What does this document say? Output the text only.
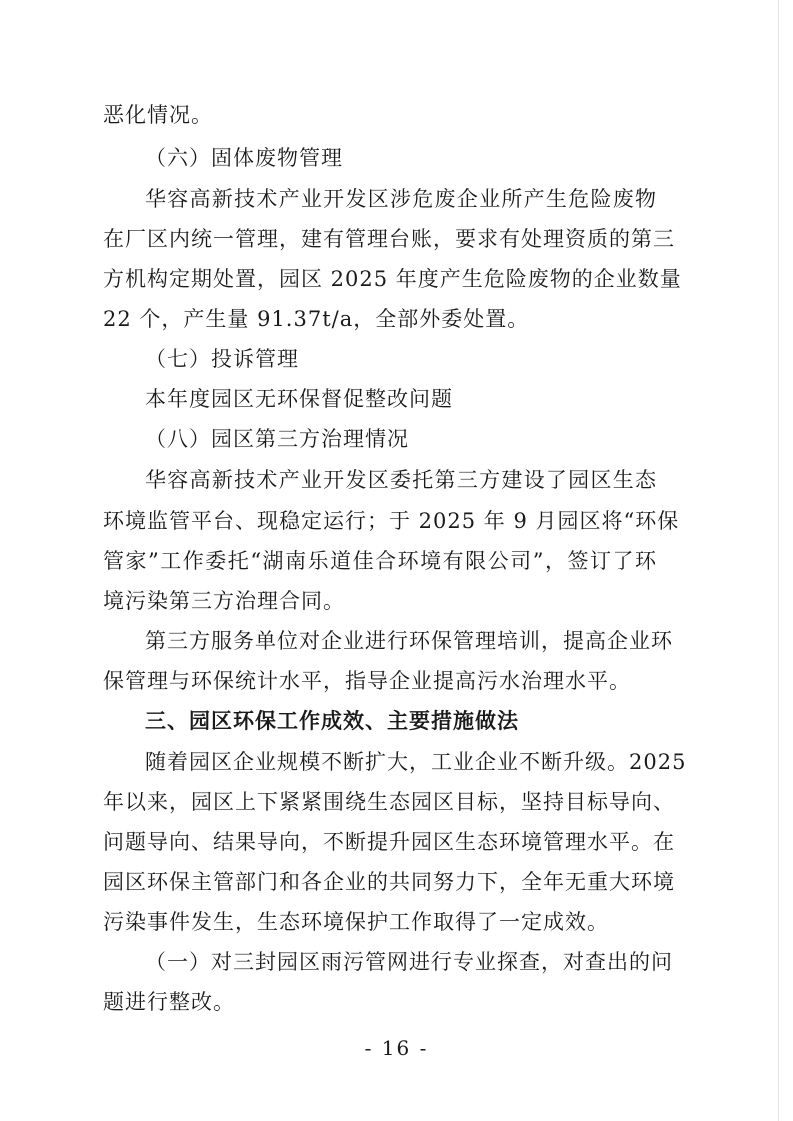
恶化情况。
（六）固体废物管理
华容高新技术产业开发区涉危废企业所产生危险废物
在厂区内统一管理，建有管理台账，要求有处理资质的第三
方机构定期处置，园区 2025 年度产生危险废物的企业数量
22 个，产生量 91.37t/a，全部外委处置。
（七）投诉管理
本年度园区无环保督促整改问题
（八）园区第三方治理情况
华容高新技术产业开发区委托第三方建设了园区生态
环境监管平台、现稳定运行；于 2025 年 9 月园区将“环保
管家”工作委托“湖南乐道佳合环境有限公司”，签订了环
境污染第三方治理合同。
第三方服务单位对企业进行环保管理培训，提高企业环
保管理与环保统计水平，指导企业提高污水治理水平。
三、园区环保工作成效、主要措施做法
随着园区企业规模不断扩大，工业企业不断升级。2025
年以来，园区上下紧紧围绕生态园区目标，坚持目标导向、
问题导向、结果导向，不断提升园区生态环境管理水平。在
园区环保主管部门和各企业的共同努力下，全年无重大环境
污染事件发生，生态环境保护工作取得了一定成效。
（一）对三封园区雨污管网进行专业探查，对查出的问
题进行整改。
- 16 -
